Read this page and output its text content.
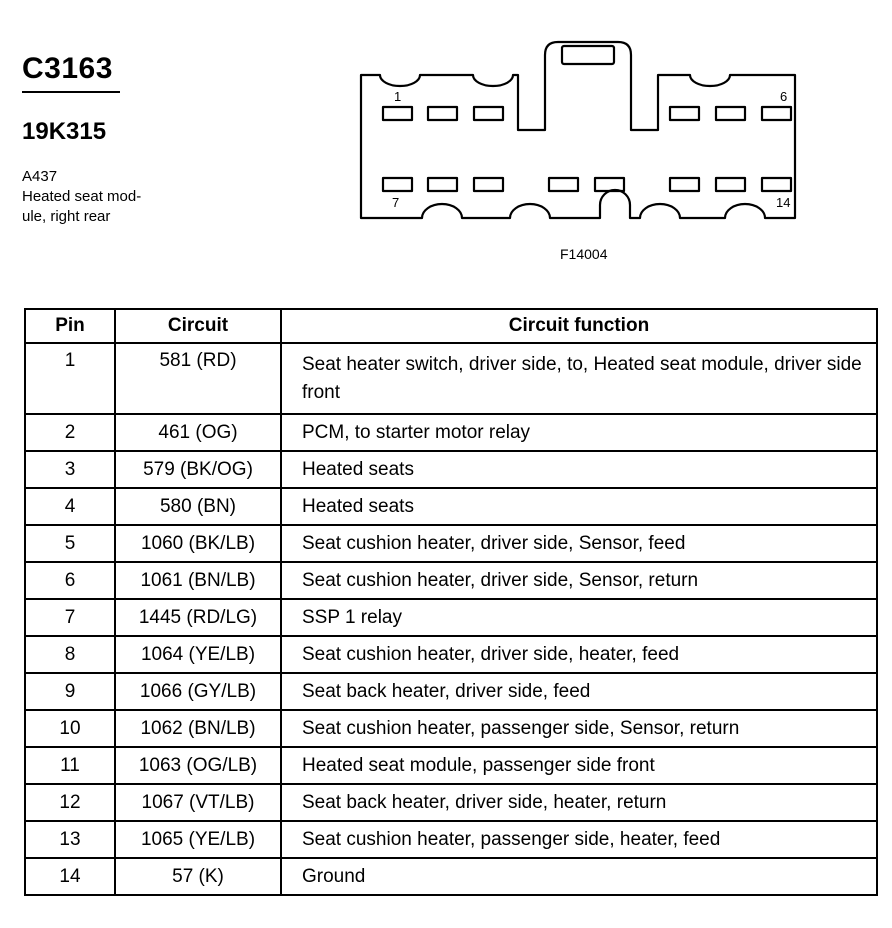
C3163
19K315
A437
Heated seat mod-
ule, right rear
1	6
7	14
F14004
Pin	Circuit	Circuit function
1	581 (RD)	Seat heater switch, driver side, to, Heated seat module, driver side front
2	461 (OG)	PCM, to starter motor relay
3	579 (BK/OG)	Heated seats
4	580 (BN)	Heated seats
5	1060 (BK/LB)	Seat cushion heater, driver side, Sensor, feed
6	1061 (BN/LB)	Seat cushion heater, driver side, Sensor, return
7	1445 (RD/LG)	SSP 1 relay
8	1064 (YE/LB)	Seat cushion heater, driver side, heater, feed
9	1066 (GY/LB)	Seat back heater, driver side, feed
10	1062 (BN/LB)	Seat cushion heater, passenger side, Sensor, return
11	1063 (OG/LB)	Heated seat module, passenger side front
12	1067 (VT/LB)	Seat back heater, driver side, heater, return
13	1065 (YE/LB)	Seat cushion heater, passenger side, heater, feed
14	57 (K)	Ground
